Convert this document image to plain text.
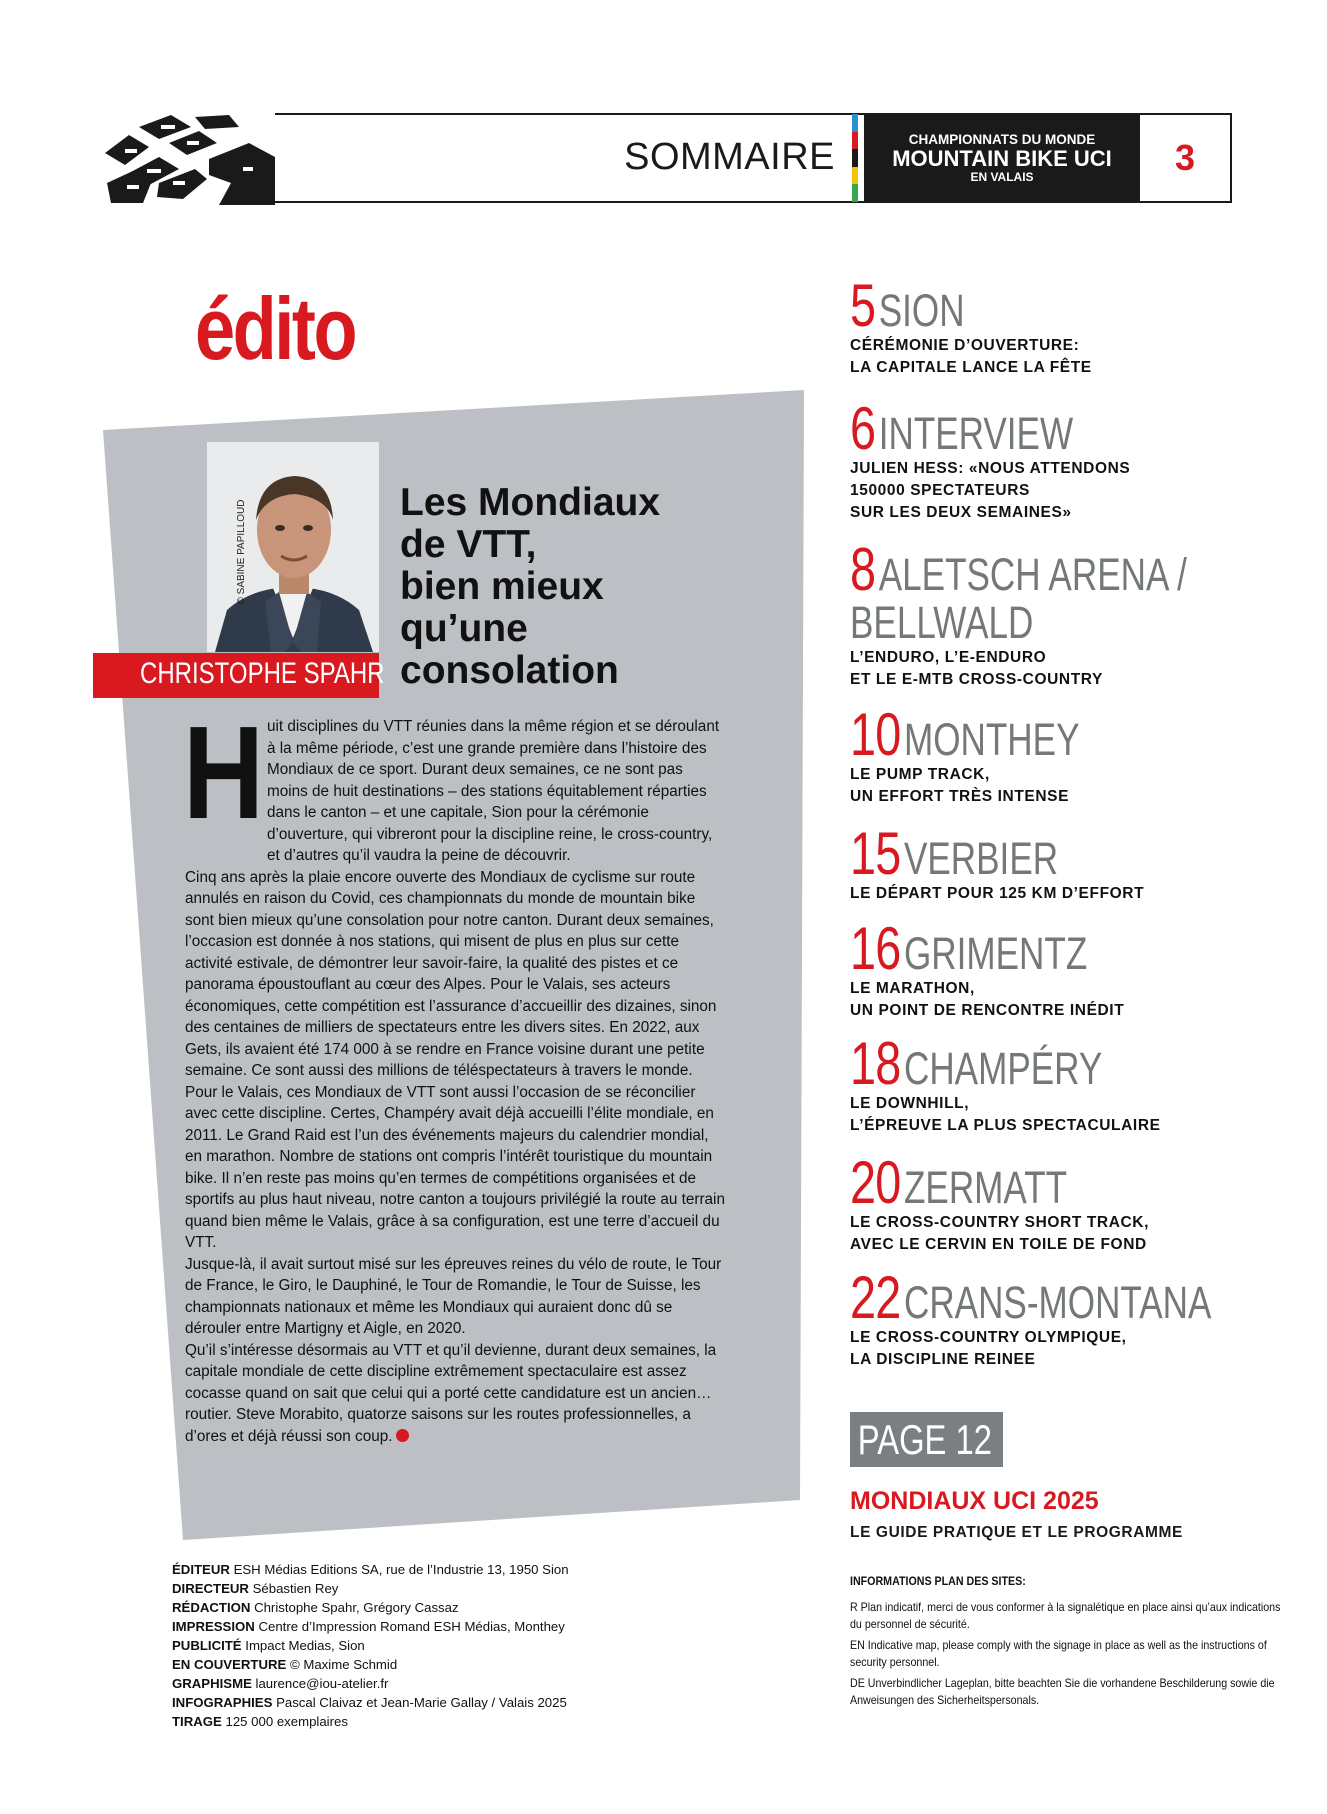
SOMMAIRE	CHAMPIONNATS DU MONDE
MOUNTAIN BIKE UCI
EN VALAIS	3
édito
© SABINE PAPILLOUD
CHRISTOPHE SPAHR
Les Mondiaux
de VTT,
bien mieux
qu’une
consolation
H uit disciplines du VTT réunies dans la même région et se déroulant à la même période, c’est une grande première dans l’histoire des Mondiaux de ce sport. Durant deux semaines, ce ne sont pas moins de huit destinations – des stations équitablement réparties dans le canton – et une capitale, Sion pour la cérémonie d’ouverture, qui vibreront pour la discipline reine, le cross-country, et d’autres qu’il vaudra la peine de découvrir.

Cinq ans après la plaie encore ouverte des Mondiaux de cyclisme sur route annulés en raison du Covid, ces championnats du monde de mountain bike sont bien mieux qu’une consolation pour notre canton. Durant deux semaines, l’occasion est donnée à nos stations, qui misent de plus en plus sur cette activité estivale, de démontrer leur savoir-faire, la qualité des pistes et ce panorama époustouflant au cœur des Alpes. Pour le Valais, ses acteurs économiques, cette compétition est l’assurance d’accueillir des dizaines, sinon des centaines de milliers de spectateurs entre les divers sites. En 2022, aux Gets, ils avaient été 174 000 à se rendre en France voisine durant une petite semaine. Ce sont aussi des millions de téléspectateurs à travers le monde.

Pour le Valais, ces Mondiaux de VTT sont aussi l’occasion de se réconcilier avec cette discipline. Certes, Champéry avait déjà accueilli l’élite mondiale, en 2011. Le Grand Raid est l’un des événements majeurs du calendrier mondial, en marathon. Nombre de stations ont compris l’intérêt touristique du mountain bike. Il n’en reste pas moins qu’en termes de compétitions organisées et de sportifs au plus haut niveau, notre canton a toujours privilégié la route au terrain quand bien même le Valais, grâce à sa configuration, est une terre d’accueil du VTT.

Jusque-là, il avait surtout misé sur les épreuves reines du vélo de route, le Tour de France, le Giro, le Dauphiné, le Tour de Romandie, le Tour de Suisse, les championnats nationaux et même les Mondiaux qui auraient donc dû se dérouler entre Martigny et Aigle, en 2020.

Qu’il s’intéresse désormais au VTT et qu’il devienne, durant deux semaines, la capitale mondiale de cette discipline extrêmement spectaculaire est assez cocasse quand on sait que celui qui a porté cette candidature est un ancien… routier. Steve Morabito, quatorze saisons sur les routes professionnelles, a d’ores et déjà réussi son coup.

ÉDITEUR ESH Médias Editions SA, rue de l’Industrie 13, 1950 Sion
DIRECTEUR Sébastien Rey
RÉDACTION Christophe Spahr, Grégory Cassaz
IMPRESSION Centre d’Impression Romand ESH Médias, Monthey
PUBLICITÉ Impact Medias, Sion
EN COUVERTURE © Maxime Schmid
GRAPHISME laurence@iou-atelier.fr
INFOGRAPHIES Pascal Claivaz et Jean-Marie Gallay / Valais 2025
TIRAGE 125 000 exemplaires
5 SION
CÉRÉMONIE D’OUVERTURE:
LA CAPITALE LANCE LA FÊTE
6 INTERVIEW
JULIEN HESS: «NOUS ATTENDONS
150000 SPECTATEURS
SUR LES DEUX SEMAINES»
8 ALETSCH ARENA /
BELLWALD
L’ENDURO, L’E-ENDURO
ET LE E-MTB CROSS-COUNTRY
10 MONTHEY
LE PUMP TRACK,
UN EFFORT TRÈS INTENSE
15 VERBIER
LE DÉPART POUR 125 KM D’EFFORT
16 GRIMENTZ
LE MARATHON,
UN POINT DE RENCONTRE INÉDIT
18 CHAMPÉRY
LE DOWNHILL,
L’ÉPREUVE LA PLUS SPECTACULAIRE
20 ZERMATT
LE CROSS-COUNTRY SHORT TRACK,
AVEC LE CERVIN EN TOILE DE FOND
22 CRANS-MONTANA
LE CROSS-COUNTRY OLYMPIQUE,
LA DISCIPLINE REINEE
PAGE 12
MONDIAUX UCI 2025
LE GUIDE PRATIQUE ET LE PROGRAMME

INFORMATIONS PLAN DES SITES:

R Plan indicatif, merci de vous conformer à la signalétique en place ainsi qu’aux indications du personnel de sécurité.

EN Indicative map, please comply with the signage in place as well as the instructions of security personnel.

DE Unverbindlicher Lageplan, bitte beachten Sie die vorhandene Beschilderung sowie die Anweisungen des Sicherheitspersonals.
